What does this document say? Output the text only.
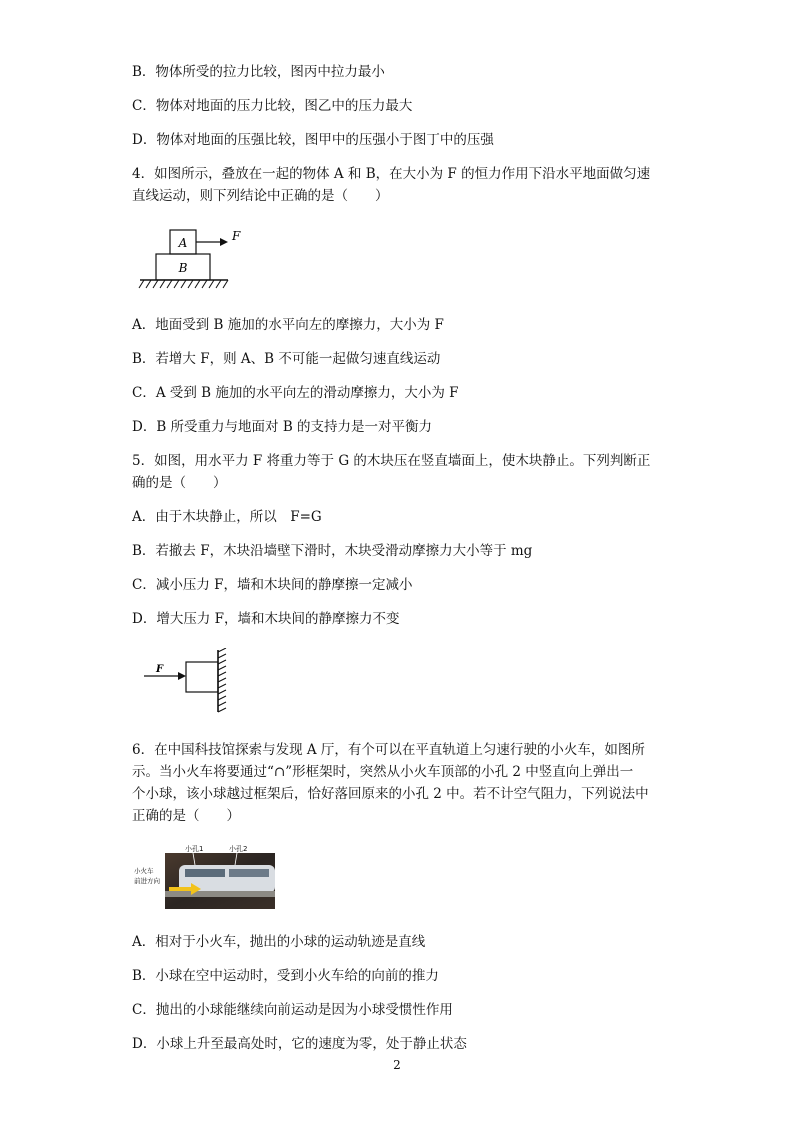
B．物体所受的拉力比较，图丙中拉力最小
C．物体对地面的压力比较，图乙中的压力最大
D．物体对地面的压强比较，图甲中的压强小于图丁中的压强
4．如图所示，叠放在一起的物体 A 和 B，在大小为 F 的恒力作用下沿水平地面做匀速
直线运动，则下列结论中正确的是（　　）
A
B
F
A．地面受到 B 施加的水平向左的摩擦力，大小为 F
B．若增大 F，则 A、B 不可能一起做匀速直线运动
C．A 受到 B 施加的水平向左的滑动摩擦力，大小为 F
D．B 所受重力与地面对 B 的支持力是一对平衡力
5．如图，用水平力 F 将重力等于 G 的木块压在竖直墙面上，使木块静止。下列判断正
确的是（　　）
A．由于木块静止，所以　F=G
B．若撤去 F，木块沿墙壁下滑时，木块受滑动摩擦力大小等于 mg
C．减小压力 F，墙和木块间的静摩擦一定减小
D．增大压力 F，墙和木块间的静摩擦力不变
F
6．在中国科技馆探索与发现 A 厅，有个可以在平直轨道上匀速行驶的小火车，如图所
示。当小火车将要通过“∩”形框架时，突然从小火车顶部的小孔 2 中竖直向上弹出一
个小球，该小球越过框架后，恰好落回原来的小孔 2 中。若不计空气阻力，下列说法中
正确的是（　　）
小孔1	小孔2
小火车
前进方向
A．相对于小火车，抛出的小球的运动轨迹是直线
B．小球在空中运动时，受到小火车给的向前的推力
C．抛出的小球能继续向前运动是因为小球受惯性作用
D．小球上升至最高处时，它的速度为零，处于静止状态
2
